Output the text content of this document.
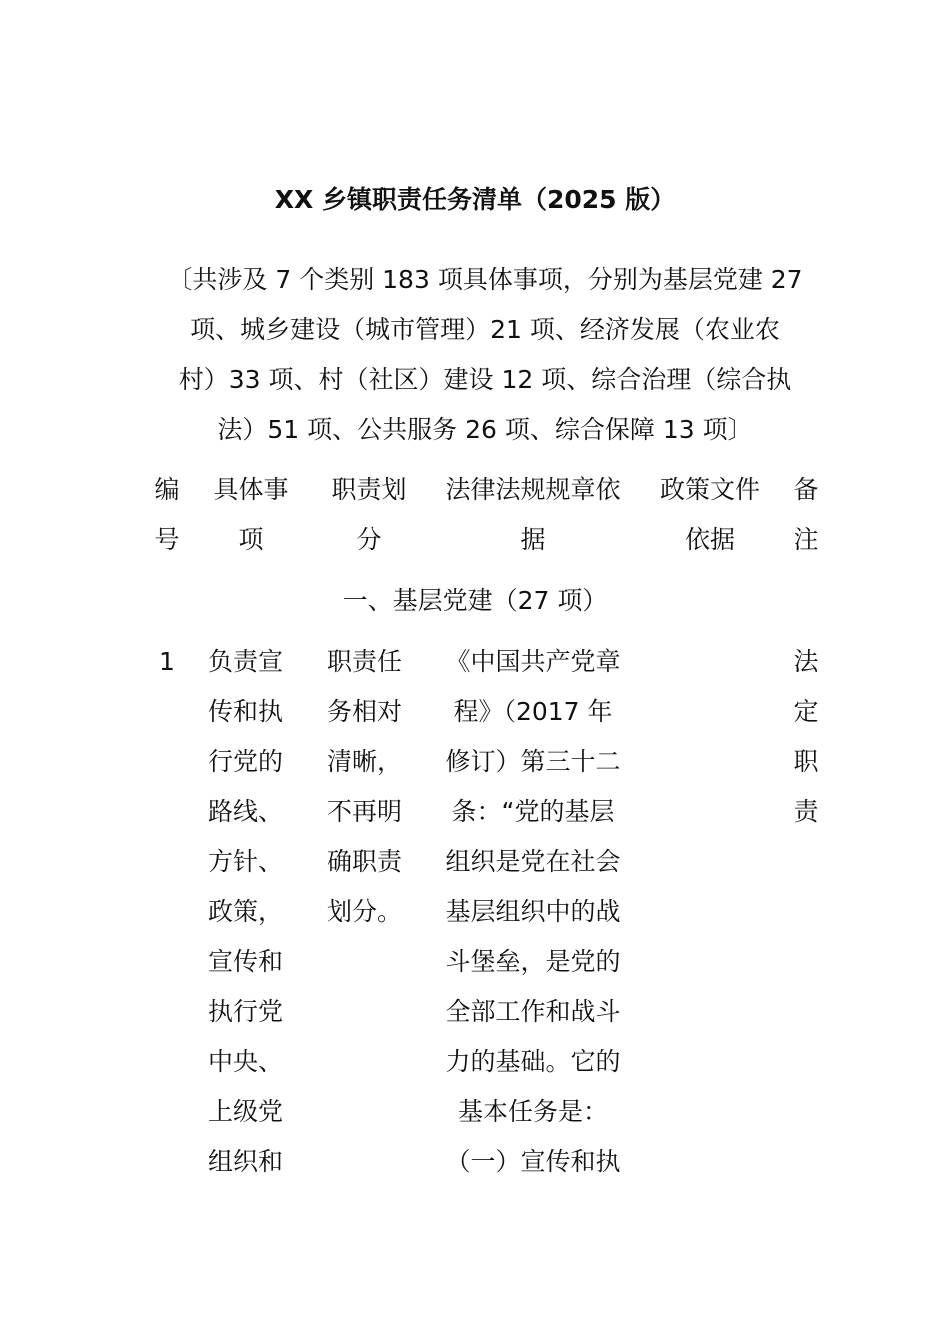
XX 乡镇职责任务清单（2025 版）
〔共涉及 7 个类别 183 项具体事项，分别为基层党建 27
项、城乡建设（城市管理）21 项、经济发展（农业农
村）33 项、村（社区）建设 12 项、综合治理（综合执
法）51 项、公共服务 26 项、综合保障 13 项〕
编
号
具体事
项
职责划
分
法律法规规章依
据
政策文件
依据
备
注
一、基层党建（27 项）
1	负责宣
传和执
行党的
路线、
方针、
政策，
宣传和
执行党
中央、
上级党
组织和
职责任
务相对
清晰，
不再明
确职责
划分。
《中国共产党章
程》（2017 年
修订）第三十二
条：“党的基层
组织是党在社会
基层组织中的战
斗堡垒，是党的
全部工作和战斗
力的基础。它的
基本任务是：
（一）宣传和执
法
定
职
责
